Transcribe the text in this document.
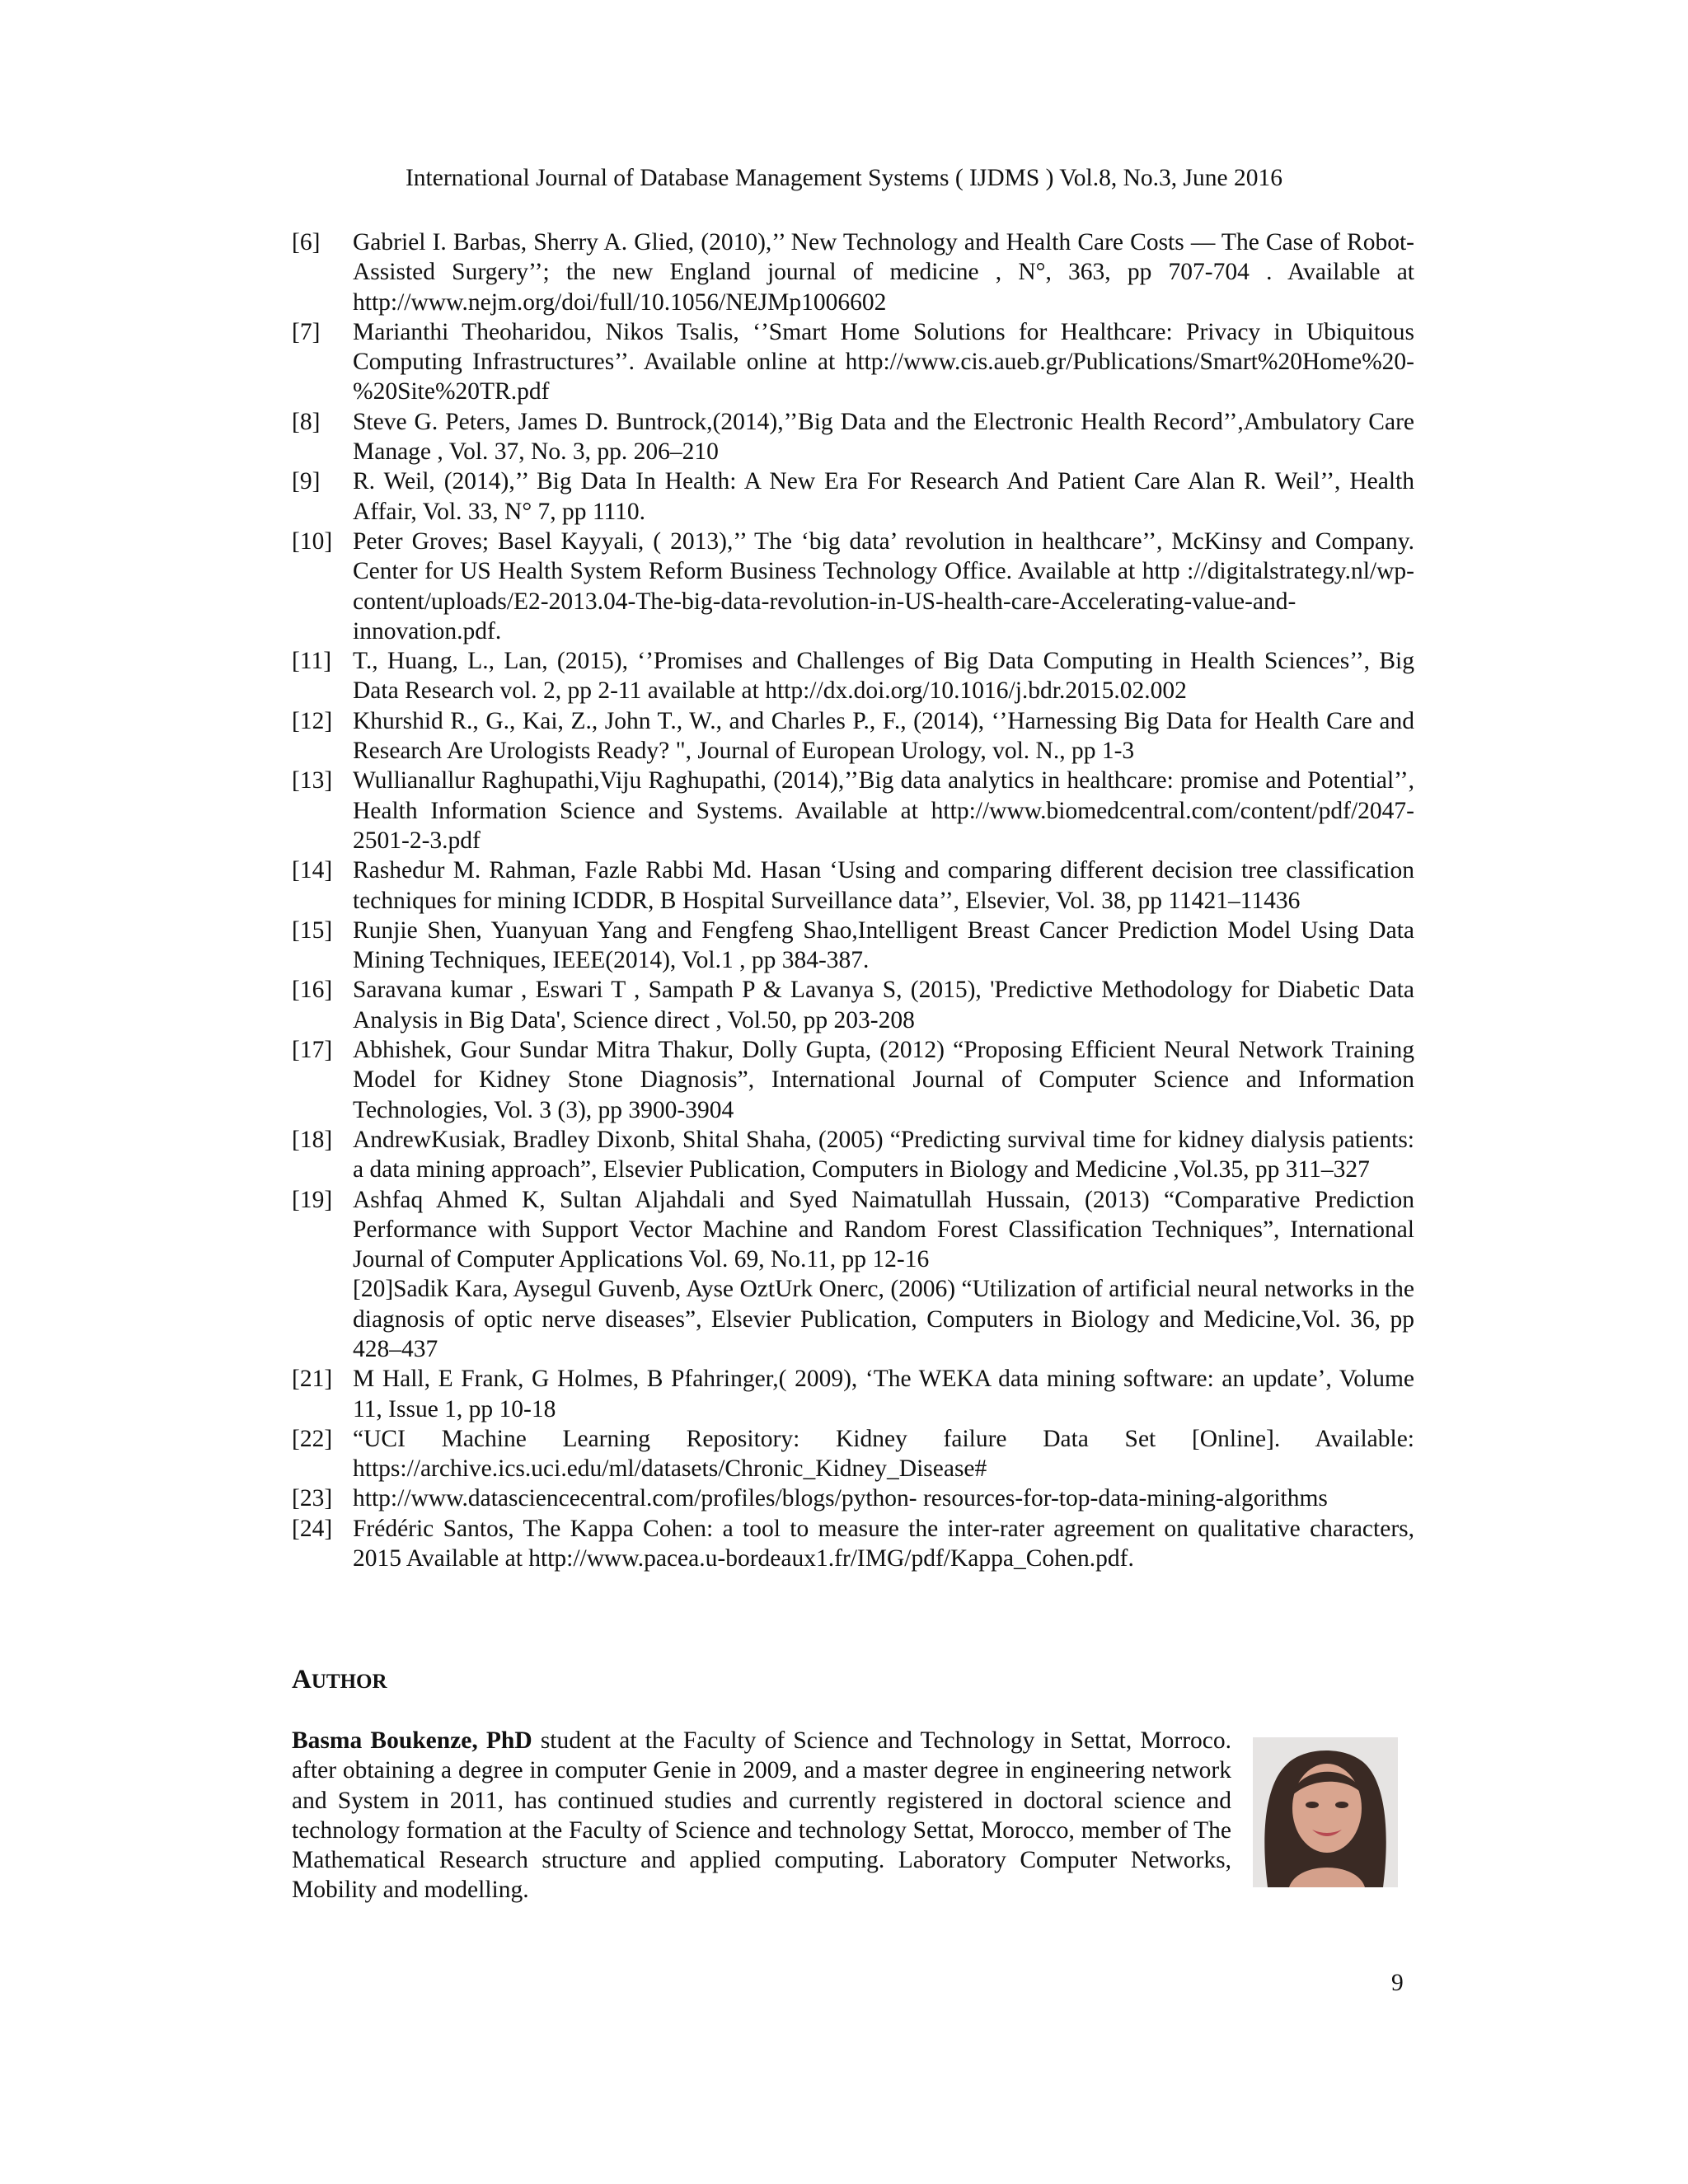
International Journal of Database Management Systems ( IJDMS ) Vol.8, No.3, June 2016
[6]	Gabriel I. Barbas, Sherry A. Glied, (2010),’’ New Technology and Health Care Costs — The Case of Robot-Assisted Surgery’’; the new England journal of medicine , N°, 363, pp 707-704 . Available at http://www.nejm.org/doi/full/10.1056/NEJMp1006602
[7]	Marianthi Theoharidou, Nikos Tsalis, ‘’Smart Home Solutions for Healthcare: Privacy in Ubiquitous Computing Infrastructures’’. Available online at http://www.cis.aueb.gr/Publications/Smart%20Home%20-%20Site%20TR.pdf
[8]	Steve G. Peters, James D. Buntrock,(2014),’’Big Data and the Electronic Health Record’’,Ambulatory Care Manage , Vol. 37, No. 3, pp. 206–210
[9]	R. Weil, (2014),’’ Big Data In Health: A New Era For Research And Patient Care Alan R. Weil’’, Health Affair, Vol. 33, N° 7, pp 1110.
[10] Peter Groves; Basel Kayyali, ( 2013),’’ The ‘big data’ revolution in healthcare’’, McKinsy and Company. Center for US Health System Reform Business Technology Office. Available at http ://digitalstrategy.nl/wp-content/uploads/E2-2013.04-The-big-data-revolution-in-US-health-care-Accelerating-value-and-innovation.pdf.
[11] T., Huang, L., Lan, (2015), ‘’Promises and Challenges of Big Data Computing in Health Sciences’’, Big Data Research vol. 2, pp 2-11 available at http://dx.doi.org/10.1016/j.bdr.2015.02.002
[12] Khurshid R., G., Kai, Z., John T., W., and Charles P., F., (2014), ‘’Harnessing Big Data for Health Care and Research Are Urologists Ready? ", Journal of European Urology, vol. N., pp 1-3
[13] Wullianallur Raghupathi,Viju Raghupathi, (2014),’’Big data analytics in healthcare: promise and Potential’’, Health Information Science and Systems. Available at http://www.biomedcentral.com/content/pdf/2047-2501-2-3.pdf
[14] Rashedur M. Rahman, Fazle Rabbi Md. Hasan ‘Using and comparing different decision tree classification techniques for mining ICDDR, B Hospital Surveillance data’’, Elsevier, Vol. 38, pp 11421–11436
[15] Runjie Shen, Yuanyuan Yang and Fengfeng Shao,Intelligent Breast Cancer Prediction Model Using Data Mining Techniques, IEEE(2014), Vol.1 , pp 384-387.
[16] Saravana kumar , Eswari T , Sampath P & Lavanya S, (2015), 'Predictive Methodology for Diabetic Data Analysis in Big Data', Science direct , Vol.50, pp 203-208
[17] Abhishek, Gour Sundar Mitra Thakur, Dolly Gupta, (2012) “Proposing Efficient Neural Network Training Model for Kidney Stone Diagnosis”, International Journal of Computer Science and Information Technologies, Vol. 3 (3), pp 3900-3904
[18] AndrewKusiak, Bradley Dixonb, Shital Shaha, (2005) “Predicting survival time for kidney dialysis patients: a data mining approach”, Elsevier Publication, Computers in Biology and Medicine ,Vol.35, pp 311–327
[19] Ashfaq Ahmed K, Sultan Aljahdali and Syed Naimatullah Hussain, (2013) “Comparative Prediction Performance with Support Vector Machine and Random Forest Classification Techniques”, International Journal of Computer Applications Vol. 69, No.11, pp 12-16
[20]Sadik Kara, Aysegul Guvenb, Ayse OztUrk Onerc, (2006) “Utilization of artificial neural networks in the diagnosis of optic nerve diseases”, Elsevier Publication, Computers in Biology and Medicine,Vol. 36, pp 428–437
[21] M Hall, E Frank, G Holmes, B Pfahringer,( 2009), ‘The WEKA data mining software: an update’, Volume 11, Issue 1, pp 10-18
[22] “UCI Machine Learning Repository: Kidney failure Data Set [Online]. Available: https://archive.ics.uci.edu/ml/datasets/Chronic_Kidney_Disease#
[23] http://www.datasciencecentral.com/profiles/blogs/python- resources-for-top-data-mining-algorithms
[24] Frédéric Santos, The Kappa Cohen: a tool to measure the inter-rater agreement on qualitative characters, 2015 Available at http://www.pacea.u-bordeaux1.fr/IMG/pdf/Kappa_Cohen.pdf.
AUTHOR
Basma Boukenze, PhD student at the Faculty of Science and Technology in Settat, Morroco. after obtaining a degree in computer Genie in 2009, and a master degree in engineering network and System in 2011, has continued studies and currently registered in doctoral science and technology formation at the Faculty of Science and technology Settat, Morocco, member of The Mathematical Research structure and applied computing. Laboratory Computer Networks, Mobility and modelling.
9
